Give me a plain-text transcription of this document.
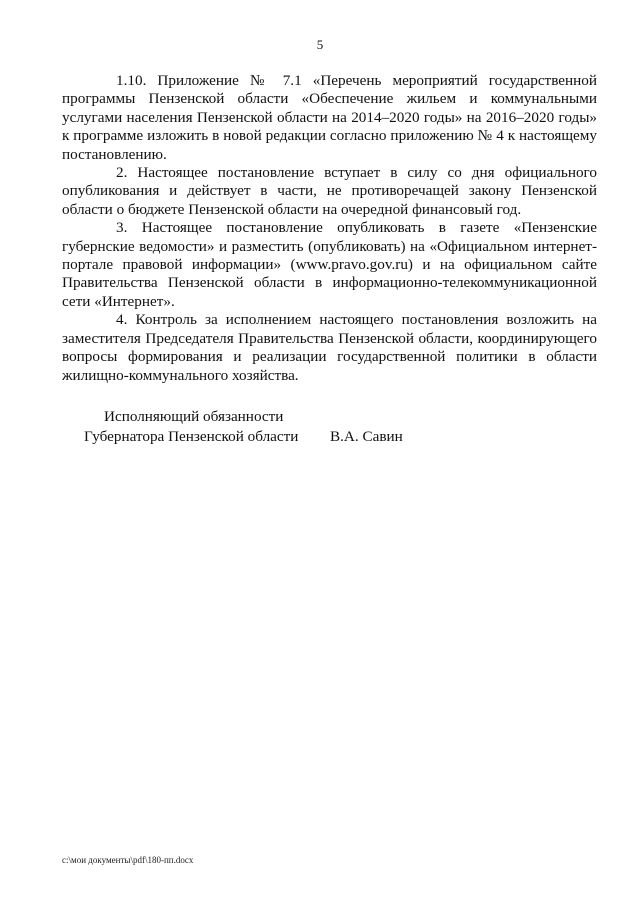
5

1.10. Приложение № 7.1 «Перечень мероприятий государственной программы Пензенской области «Обеспечение жильем и коммунальными услугами населения Пензенской области на 2014–2020 годы» на 2016–2020 годы» к программе изложить в новой редакции согласно приложению № 4 к настоящему постановлению.

2. Настоящее постановление вступает в силу со дня официального опубликования и действует в части, не противоречащей закону Пензенской области о бюджете Пензенской области на очередной финансовый год.

3. Настоящее постановление опубликовать в газете «Пензенские губернские ведомости» и разместить (опубликовать) на «Официальном интернет-портале правовой информации» (www.pravo.gov.ru) и на официальном сайте Правительства Пензенской области в информационно-телекоммуникационной сети «Интернет».

4. Контроль за исполнением настоящего постановления возложить на заместителя Председателя Правительства Пензенской области, координирующего вопросы формирования и реализации государственной политики в области жилищно-коммунального хозяйства.

Исполняющий обязанности
Губернатора Пензенской области В.А. Савин
c:\мои документы\pdf\180-пп.docx
